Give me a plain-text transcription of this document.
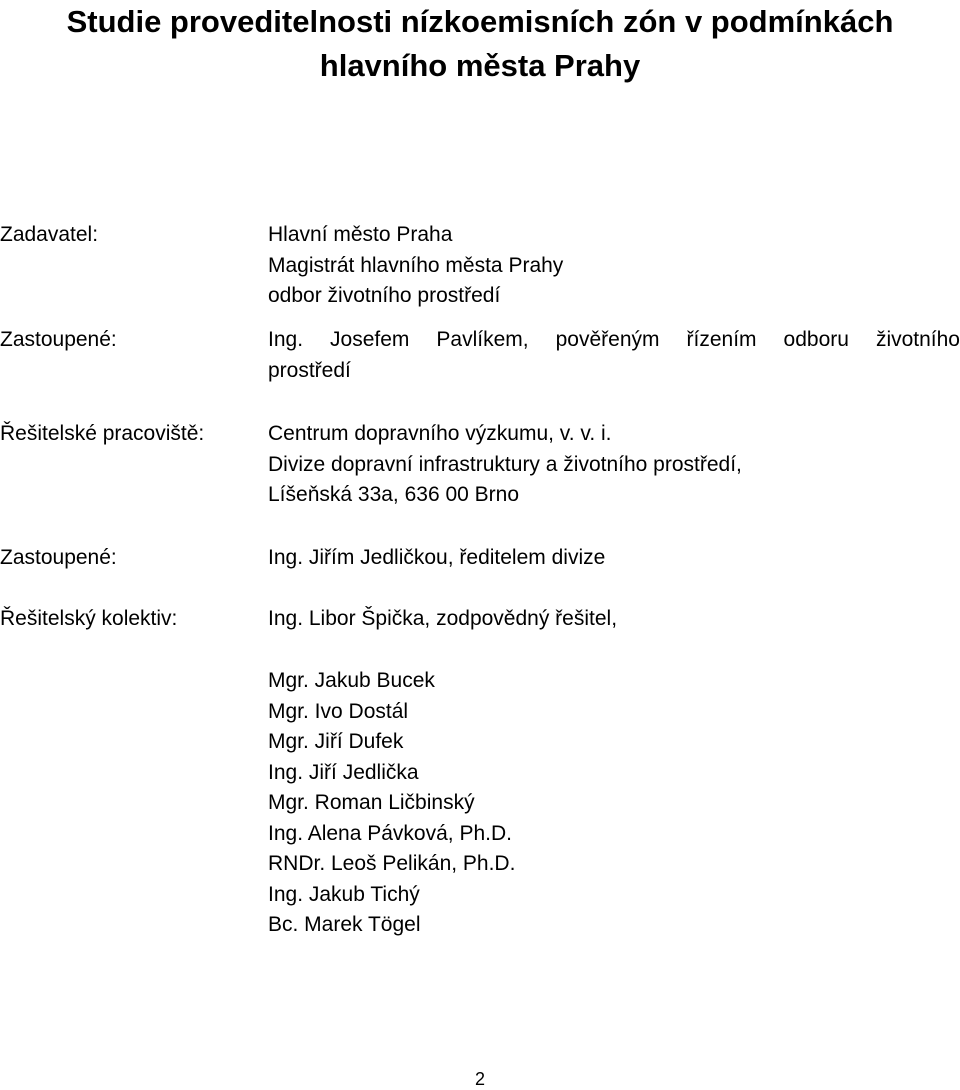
Studie proveditelnosti nízkoemisních zón v podmínkách
hlavního města Prahy
Zadavatel:	Hlavní město Praha
Magistrát hlavního města Prahy
odbor životního prostředí
Zastoupené:	Ing. Josefem Pavlíkem, pověřeným řízením odboru životního
prostředí
Řešitelské pracoviště:	Centrum dopravního výzkumu, v. v. i.
Divize dopravní infrastruktury a životního prostředí,
Líšeňská 33a, 636 00 Brno
Zastoupené:	Ing. Jiřím Jedličkou, ředitelem divize
Řešitelský kolektiv:	Ing. Libor Špička, zodpovědný řešitel,
Mgr. Jakub Bucek
Mgr. Ivo Dostál
Mgr. Jiří Dufek
Ing. Jiří Jedlička
Mgr. Roman Ličbinský
Ing. Alena Pávková, Ph.D.
RNDr. Leoš Pelikán, Ph.D.
Ing. Jakub Tichý
Bc. Marek Tögel
2
